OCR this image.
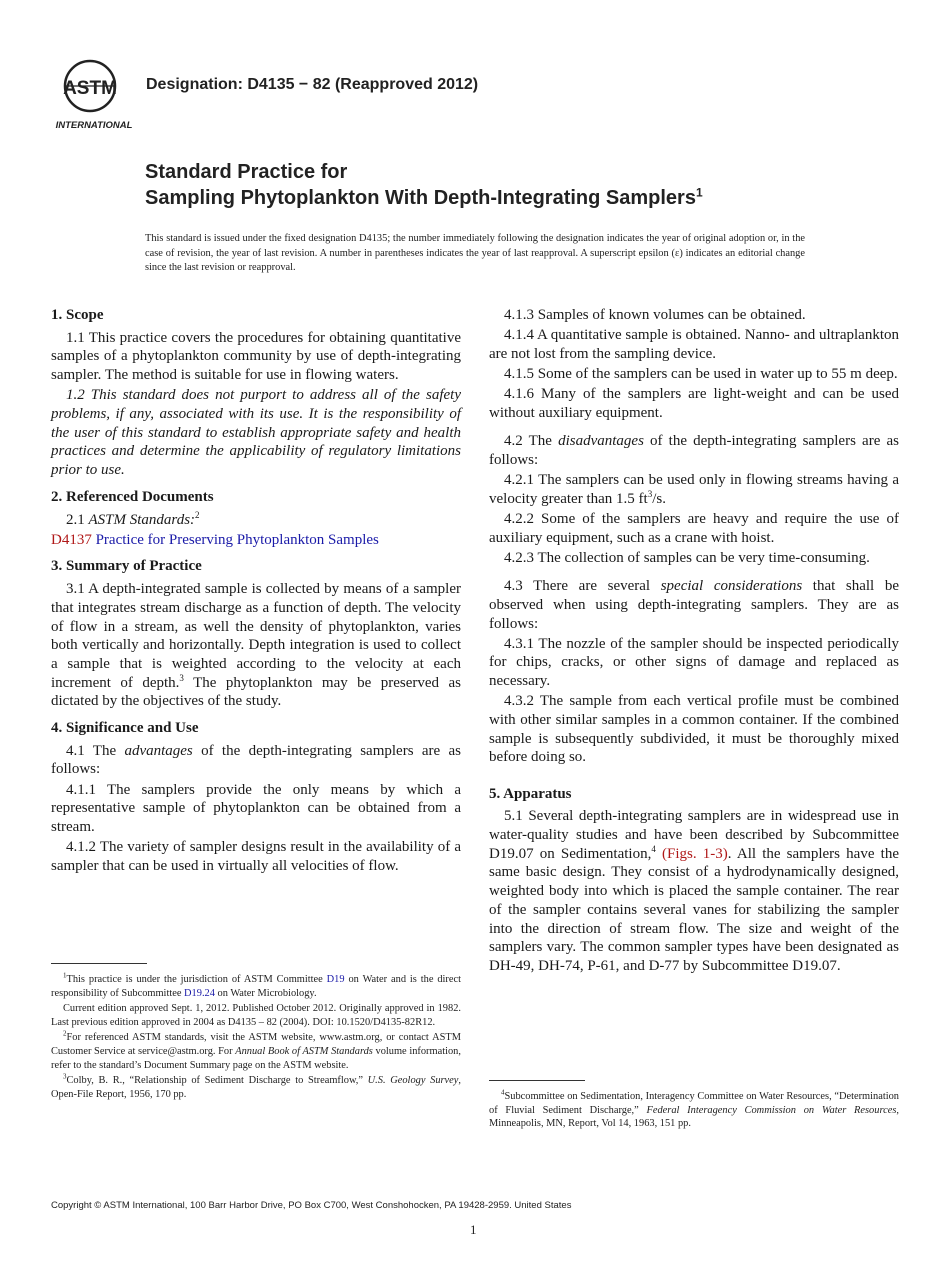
ASTM
INTERNATIONAL
Designation: D4135 − 82 (Reapproved 2012)
Standard Practice for
Sampling Phytoplankton With Depth-Integrating Samplers$^1$
This standard is issued under the fixed designation D4135; the number immediately following the designation indicates the year of original adoption or, in the case of revision, the year of last revision. A number in parentheses indicates the year of last reapproval. A superscript epsilon (ε) indicates an editorial change since the last revision or reapproval.
1. Scope

1.1 This practice covers the procedures for obtaining quantitative samples of a phytoplankton community by use of depth-integrating sampler. The method is suitable for use in flowing waters.

1.2 This standard does not purport to address all of the safety problems, if any, associated with its use. It is the responsibility of the user of this standard to establish appropriate safety and health practices and determine the applicability of regulatory limitations prior to use.

2. Referenced Documents

2.1 ASTM Standards:$^2$

D4137 Practice for Preserving Phytoplankton Samples

3. Summary of Practice

3.1 A depth-integrated sample is collected by means of a sampler that integrates stream discharge as a function of depth. The velocity of flow in a stream, as well the density of phytoplankton, varies both vertically and horizontally. Depth integration is used to collect a sample that is weighted according to the velocity at each increment of depth.$^3$ The phytoplankton may be preserved as dictated by the objectives of the study.

4. Significance and Use

4.1 The advantages of the depth-integrating samplers are as follows:

4.1.1 The samplers provide the only means by which a representative sample of phytoplankton can be obtained from a stream.

4.1.2 The variety of sampler designs result in the availability of a sampler that can be used in virtually all velocities of flow.

4.1.3 Samples of known volumes can be obtained.

4.1.4 A quantitative sample is obtained. Nanno- and ultraplankton are not lost from the sampling device.

4.1.5 Some of the samplers can be used in water up to 55 m deep.

4.1.6 Many of the samplers are light-weight and can be used without auxiliary equipment.

4.2 The disadvantages of the depth-integrating samplers are as follows:

4.2.1 The samplers can be used only in flowing streams having a velocity greater than 1.5 $ft^3/s$.

4.2.2 Some of the samplers are heavy and require the use of auxiliary equipment, such as a crane with hoist.

4.2.3 The collection of samples can be very time-consuming.

4.3 There are several special considerations that shall be observed when using depth-integrating samplers. They are as follows:

4.3.1 The nozzle of the sampler should be inspected periodically for chips, cracks, or other signs of damage and replaced as necessary.

4.3.2 The sample from each vertical profile must be combined with other similar samples in a common container. If the combined sample is subsequently subdivided, it must be thoroughly mixed before doing so.

5. Apparatus

5.1 Several depth-integrating samplers are in widespread use in water-quality studies and have been described by Subcommittee D19.07 on Sedimentation,$^4$ (Figs. 1-3). All the samplers have the same basic design. They consist of a hydrodynamically designed, weighted body into which is placed the sample container. The rear of the sampler contains several vanes for stabilizing the sampler into the direction of stream flow. The size and weight of the samplers vary. The common sampler types have been designated as DH-49, DH-74, P-61, and D-77 by Subcommittee D19.07.

$^1$This practice is under the jurisdiction of ASTM Committee D19 on Water and is the direct responsibility of Subcommittee D19.24 on Water Microbiology.

Current edition approved Sept. 1, 2012. Published October 2012. Originally approved in 1982. Last previous edition approved in 2004 as D4135 – 82 (2004). DOI: 10.1520/D4135-82R12.

$^2$For referenced ASTM standards, visit the ASTM website, www.astm.org, or contact ASTM Customer Service at service@astm.org. For Annual Book of ASTM Standards volume information, refer to the standard’s Document Summary page on the ASTM website.

$^3$Colby, B. R., “Relationship of Sediment Discharge to Streamflow,” U.S. Geology Survey, Open-File Report, 1956, 170 pp.	$^4$Subcommittee on Sedimentation, Interagency Committee on Water Resources, “Determination of Fluvial Sediment Discharge,” Federal Interagency Commission on Water Resources, Minneapolis, MN, Report, Vol 14, 1963, 151 pp.

Copyright © ASTM International, 100 Barr Harbor Drive, PO Box C700, West Conshohocken, PA 19428-2959. United States
1
